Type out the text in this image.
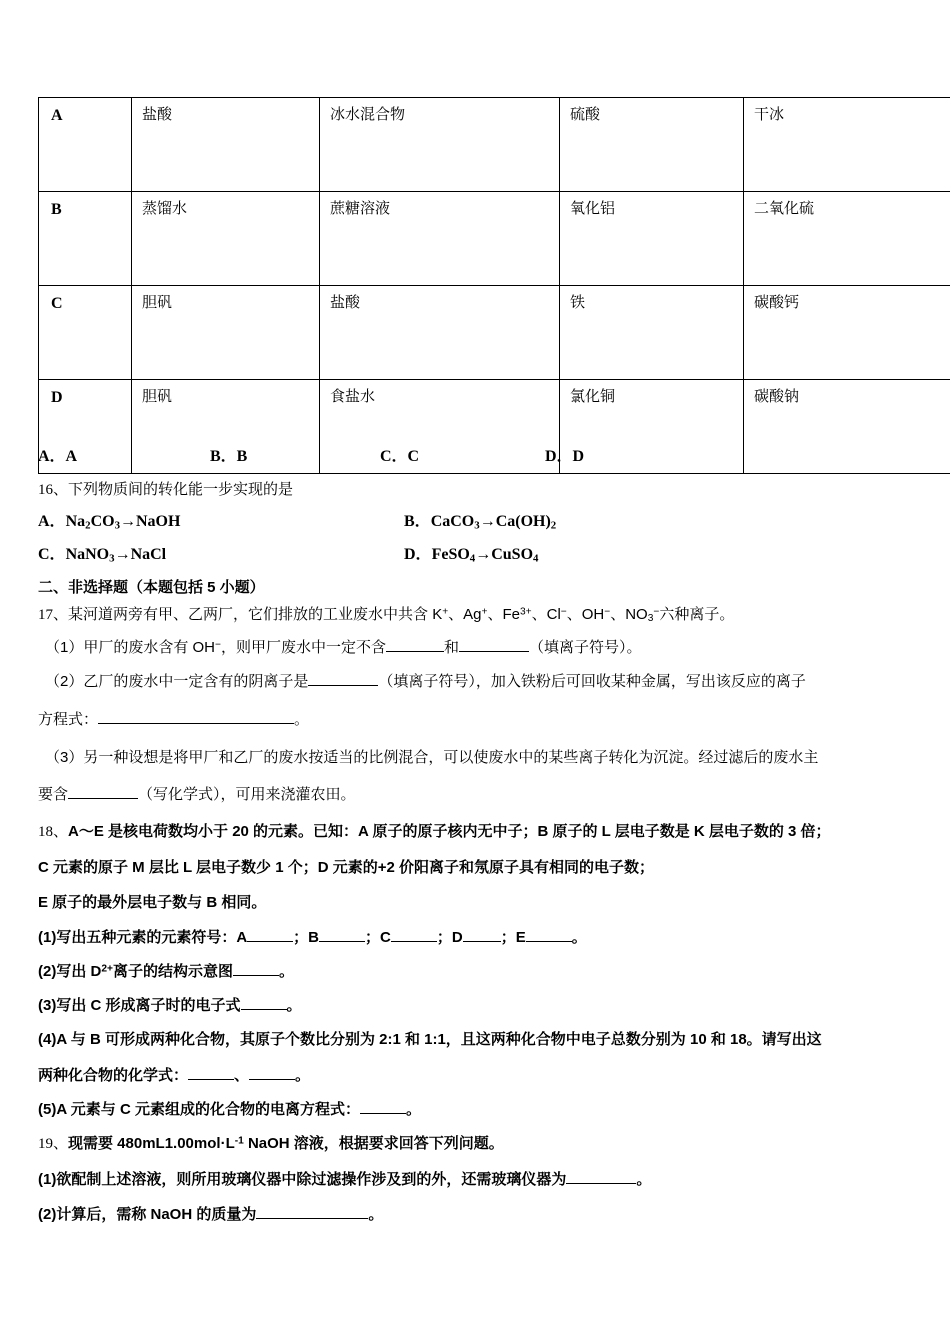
A	盐酸	冰水混合物	硫酸	干冰
B	蒸馏水	蔗糖溶液	氧化铝	二氧化硫
C	胆矾	盐酸	铁	碳酸钙
D	胆矾	食盐水	氯化铜	碳酸钠
A．A	B．B	C．C	D．D
16、下列物质间的转化能一步实现的是
A．$Na_2CO_3\to NaOH$	B．$CaCO_3\to Ca(OH)_2$
C．NaNO$_3$→NaCl	D．FeSO$_4$→CuSO$_4$
二、非选择题（本题包括 5 小题）
17、某河道两旁有甲、乙两厂，它们排放的工业废水中共含 K+、Ag+、$Fe^{3+}$、Cl−、OH−、$NO_3^-$六种离子。
（1）甲厂的废水含有 OH−，则甲厂废水中一定不含	和	（填离子符号）。
（2）乙厂的废水中一定含有的阴离子是	（填离子符号），加入铁粉后可回收某种金属，写出该反应的离子
方程式：	。
（3）另一种设想是将甲厂和乙厂的废水按适当的比例混合，可以使废水中的某些离子转化为沉淀。经过滤后的废水主
要含	（写化学式），可用来浇灌农田。
18、A～E 是核电荷数均小于 20 的元素。已知：A 原子的原子核内无中子；B 原子的 L 层电子数是 K 层电子数的 3 倍；
C 元素的原子 M 层比 L 层电子数少 1 个；D 元素的+2 价阳离子和氖原子具有相同的电子数；
E 原子的最外层电子数与 B 相同。
(1)写出五种元素的元素符号：A	；B	；C	；D	；E	。
(2)写出 $D^{2+}$离子的结构示意图	。
(3)写出 C 形成离子时的电子式	。
(4)A 与 B 可形成两种化合物，其原子个数比分别为 2:1 和 1:1，且这两种化合物中电子总数分别为 10 和 18。请写出这
两种化合物的化学式：	、	。
(5)A 元素与 C 元素组成的化合物的电离方程式：	。
19、现需要 $480mL1.00mol\cdot L^{-1}$ NaOH 溶液，根据要求回答下列问题。
(1)欲配制上述溶液，则所用玻璃仪器中除过滤操作涉及到的外，还需玻璃仪器为	。
(2)计算后，需称 NaOH 的质量为	。
